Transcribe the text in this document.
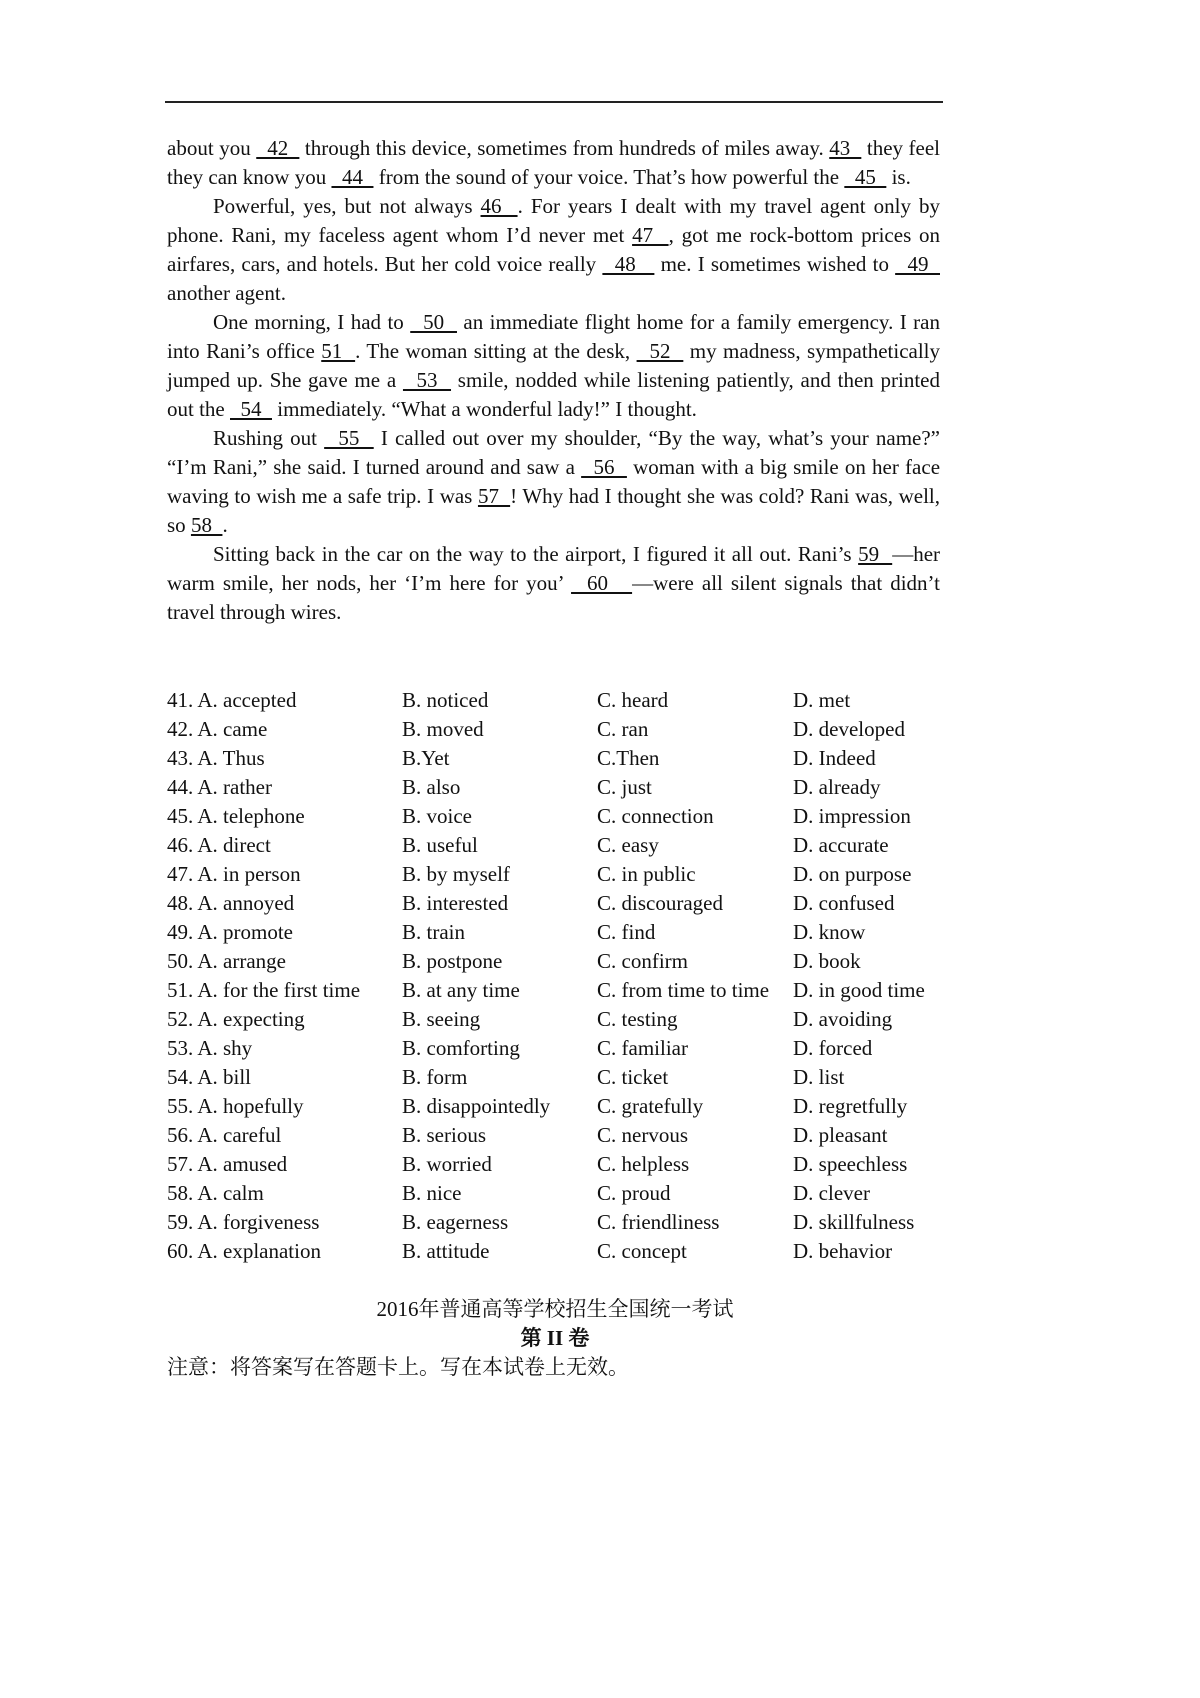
about you   42   through this device, sometimes from hundreds of miles away. 43   they feel they can know you   44   from the sound of your voice. That’s how powerful the   45   is.

Powerful, yes, but not always 46  . For years I dealt with my travel agent only by phone. Rani, my faceless agent whom I’d never met 47  , got me rock-bottom prices on airfares, cars, and hotels. But her cold voice really   48    me. I sometimes wished to   49   another agent.

One morning, I had to   50   an immediate flight home for a family emergency. I ran into Rani’s office 51  . The woman sitting at the desk,   52   my madness, sympathetically jumped up. She gave me a   53   smile, nodded while listening patiently, and then printed out the   54   immediately. “What a wonderful lady!” I thought.

Rushing out   55   I called out over my shoulder, “By the way, what’s your name?” “I’m Rani,” she said. I turned around and saw a   56   woman with a big smile on her face waving to wish me a safe trip. I was 57  ! Why had I thought she was cold? Rani was, well, so 58  .

Sitting back in the car on the way to the airport, I figured it all out. Rani’s 59  —her warm smile, her nods, her ‘I’m here for you’   60   —were all silent signals that didn’t travel through wires.

41. A. accepted	B. noticed	C. heard	D. met
42. A. came	B. moved	C. ran	D. developed
43. A. Thus	B.Yet	C.Then	D. Indeed
44. A. rather	B. also	C. just	D. already
45. A. telephone	B. voice	C. connection	D. impression
46. A. direct	B. useful	C. easy	D. accurate
47. A. in person	B. by myself	C. in public	D. on purpose
48. A. annoyed	B. interested	C. discouraged	D. confused
49. A. promote	B. train	C. find	D. know
50. A. arrange	B. postpone	C. confirm	D. book
51. A. for the first time	B. at any time	C. from time to time	D. in good time
52. A. expecting	B. seeing	C. testing	D. avoiding
53. A. shy	B. comforting	C. familiar	D. forced
54. A. bill	B. form	C. ticket	D. list
55. A. hopefully	B. disappointedly	C. gratefully	D. regretfully
56. A. careful	B. serious	C. nervous	D. pleasant
57. A. amused	B. worried	C. helpless	D. speechless
58. A. calm	B. nice	C. proud	D. clever
59. A. forgiveness	B. eagerness	C. friendliness	D. skillfulness
60. A. explanation	B. attitude	C. concept	D. behavior
2016年普通高等学校招生全国统一考试
第 II 卷
注意：将答案写在答题卡上。写在本试卷上无效。
